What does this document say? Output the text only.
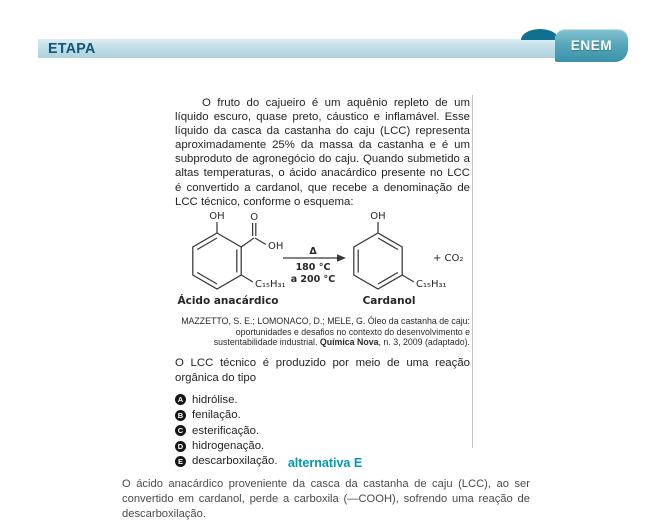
ETAPA	ENEM

O fruto do cajueiro é um aquênio repleto de um líquido escuro, quase preto, cáustico e inflamável. Esse líquido da casca da castanha do caju (LCC) representa aproximadamente 25% da massa da castanha e é um subproduto de agronegócio do caju. Quando submetido a altas temperaturas, o ácido anacárdico presente no LCC é convertido a cardanol, que recebe a denominação de LCC técnico, conforme o esquema:

OH	O
OH
C₁₅H₃₁
Ácido anacárdico
Δ
180 °C
a 200 °C
OH
C₁₅H₃₁
Cardanol
+ CO₂
MAZZETTO, S. E.; LOMONACO, D.; MELE, G. Óleo da castanha de caju:
oportunidades e desafios no contexto do desenvolvimento e
sustentabilidade industrial. Química Nova, n. 3, 2009 (adaptado).

O LCC técnico é produzido por meio de uma reação orgânica do tipo

A hidrólise.
B fenilação.
C esterificação.
D hidrogenação.
E descarboxilação. alternativa E

O ácido anacárdico proveniente da casca da castanha de caju (LCC), ao ser convertido em cardanol, perde a carboxila (—COOH), sofrendo uma reação de descarboxilação.
